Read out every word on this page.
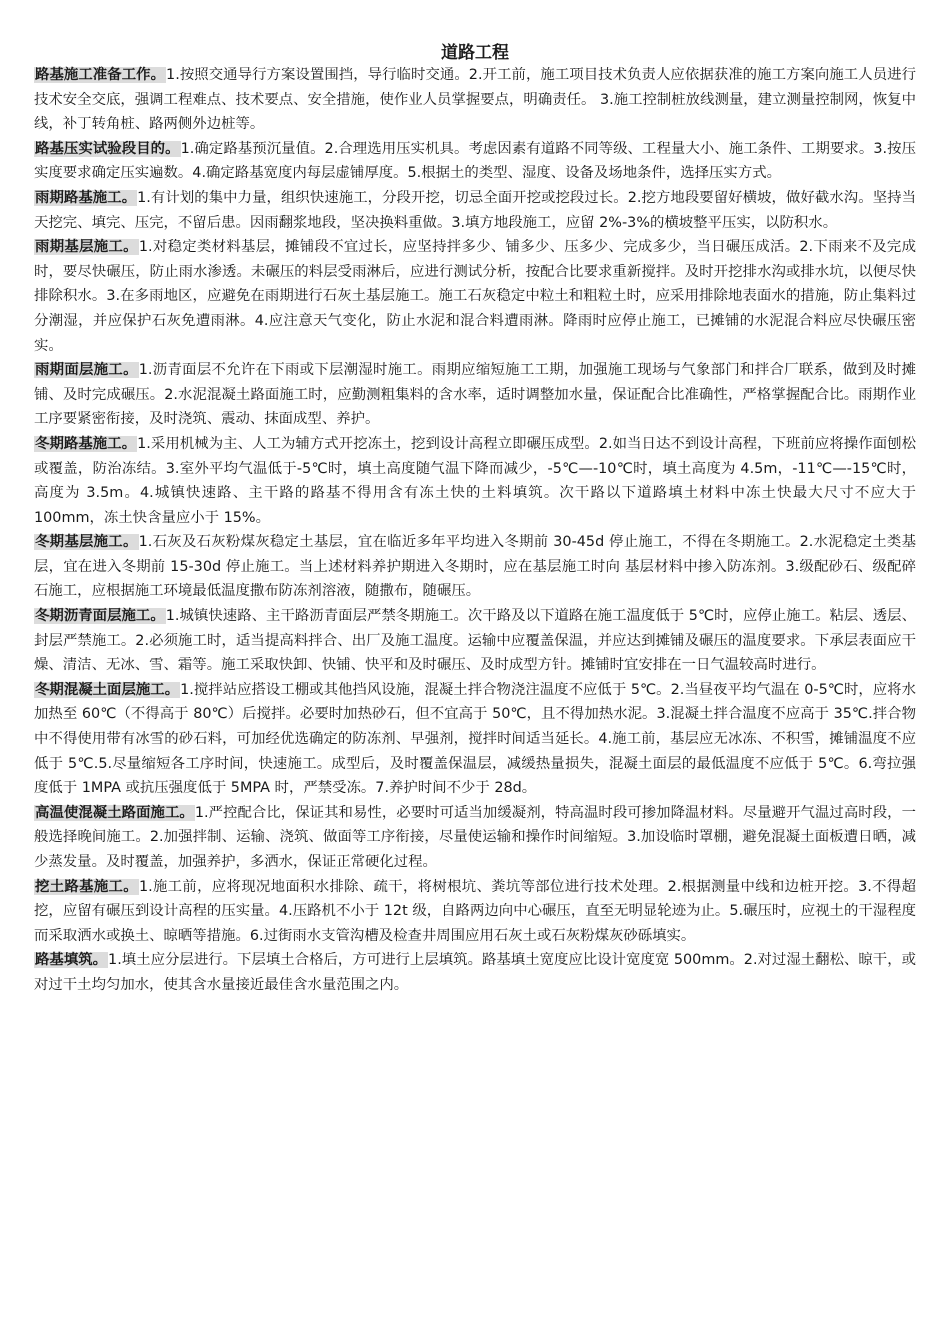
道路工程

路基施工准备工作。1.按照交通导行方案设置围挡，导行临时交通。2.开工前，施工项目技术负责人应依据获准的施工方案向施工人员进行技术安全交底，强调工程难点、技术要点、安全措施，使作业人员掌握要点，明确责任。 3.施工控制桩放线测量，建立测量控制网，恢复中线，补丁转角桩、路两侧外边桩等。

路基压实试验段目的。1.确定路基预沉量值。2.合理选用压实机具。考虑因素有道路不同等级、工程量大小、施工条件、工期要求。3.按压实度要求确定压实遍数。4.确定路基宽度内每层虚铺厚度。5.根据土的类型、湿度、设备及场地条件，选择压实方式。

雨期路基施工。1.有计划的集中力量，组织快速施工，分段开挖，切忌全面开挖或挖段过长。2.挖方地段要留好横坡，做好截水沟。坚持当天挖完、填完、压完，不留后患。因雨翻浆地段，坚决换料重做。3.填方地段施工，应留 2%-3%的横坡整平压实，以防积水。

雨期基层施工。1.对稳定类材料基层，摊铺段不宜过长，应坚持拌多少、铺多少、压多少、完成多少，当日碾压成活。2.下雨来不及完成时，要尽快碾压，防止雨水渗透。未碾压的料层受雨淋后，应进行测试分析，按配合比要求重新搅拌。及时开挖排水沟或排水坑，以便尽快排除积水。3.在多雨地区，应避免在雨期进行石灰土基层施工。施工石灰稳定中粒土和粗粒土时，应采用排除地表面水的措施，防止集料过分潮湿，并应保护石灰免遭雨淋。4.应注意天气变化，防止水泥和混合料遭雨淋。降雨时应停止施工，已摊铺的水泥混合料应尽快碾压密实。

雨期面层施工。1.沥青面层不允许在下雨或下层潮湿时施工。雨期应缩短施工工期，加强施工现场与气象部门和拌合厂联系，做到及时摊铺、及时完成碾压。2.水泥混凝土路面施工时，应勤测粗集料的含水率，适时调整加水量，保证配合比准确性，严格掌握配合比。雨期作业工序要紧密衔接，及时浇筑、震动、抹面成型、养护。

冬期路基施工。1.采用机械为主、人工为辅方式开挖冻土，挖到设计高程立即碾压成型。2.如当日达不到设计高程，下班前应将操作面刨松或覆盖，防治冻结。3.室外平均气温低于-5℃时，填土高度随气温下降而减少，-5℃—-10℃时，填土高度为 4.5m，-11℃—-15℃时，高度为 3.5m。4.城镇快速路、主干路的路基不得用含有冻土快的土料填筑。次干路以下道路填土材料中冻土快最大尺寸不应大于 100mm，冻土快含量应小于 15%。

冬期基层施工。1.石灰及石灰粉煤灰稳定土基层，宜在临近多年平均进入冬期前 30-45d 停止施工，不得在冬期施工。2.水泥稳定土类基层，宜在进入冬期前 15-30d 停止施工。当上述材料养护期进入冬期时，应在基层施工时向 基层材料中掺入防冻剂。3.级配砂石、级配碎石施工，应根据施工环境最低温度撒布防冻剂溶液，随撒布，随碾压。

冬期沥青面层施工。1.城镇快速路、主干路沥青面层严禁冬期施工。次干路及以下道路在施工温度低于 5℃时，应停止施工。粘层、透层、封层严禁施工。2.必须施工时，适当提高料拌合、出厂及施工温度。运输中应覆盖保温，并应达到摊铺及碾压的温度要求。下承层表面应干燥、清洁、无冰、雪、霜等。施工采取快卸、快铺、快平和及时碾压、及时成型方针。摊铺时宜安排在一日气温较高时进行。

冬期混凝土面层施工。1.搅拌站应搭设工棚或其他挡风设施，混凝土拌合物浇注温度不应低于 5℃。2.当昼夜平均气温在 0-5℃时，应将水加热至 60℃（不得高于 80℃）后搅拌。必要时加热砂石，但不宜高于 50℃，且不得加热水泥。3.混凝土拌合温度不应高于 35℃.拌合物中不得使用带有冰雪的砂石料，可加经优选确定的防冻剂、早强剂，搅拌时间适当延长。4.施工前，基层应无冰冻、不积雪，摊铺温度不应低于 5℃.5.尽量缩短各工序时间，快速施工。成型后，及时覆盖保温层，减缓热量损失，混凝土面层的最低温度不应低于 5℃。6.弯拉强度低于 1MPA 或抗压强度低于 5MPA 时，严禁受冻。7.养护时间不少于 28d。

高温使混凝土路面施工。1.严控配合比，保证其和易性，必要时可适当加缓凝剂，特高温时段可掺加降温材料。尽量避开气温过高时段，一般选择晚间施工。2.加强拌制、运输、浇筑、做面等工序衔接，尽量使运输和操作时间缩短。3.加设临时罩棚，避免混凝土面板遭日晒，减少蒸发量。及时覆盖，加强养护，多洒水，保证正常硬化过程。

挖土路基施工。1.施工前，应将现况地面积水排除、疏干，将树根坑、粪坑等部位进行技术处理。2.根据测量中线和边桩开挖。3.不得超挖，应留有碾压到设计高程的压实量。4.压路机不小于 12t 级，自路两边向中心碾压，直至无明显轮迹为止。5.碾压时，应视土的干湿程度而采取洒水或换土、晾晒等措施。6.过街雨水支管沟槽及检查井周围应用石灰土或石灰粉煤灰砂砾填实。

路基填筑。1.填土应分层进行。下层填土合格后，方可进行上层填筑。路基填土宽度应比设计宽度宽 500mm。2.对过湿土翻松、晾干，或对过干土均匀加水，使其含水量接近最佳含水量范围之内。
